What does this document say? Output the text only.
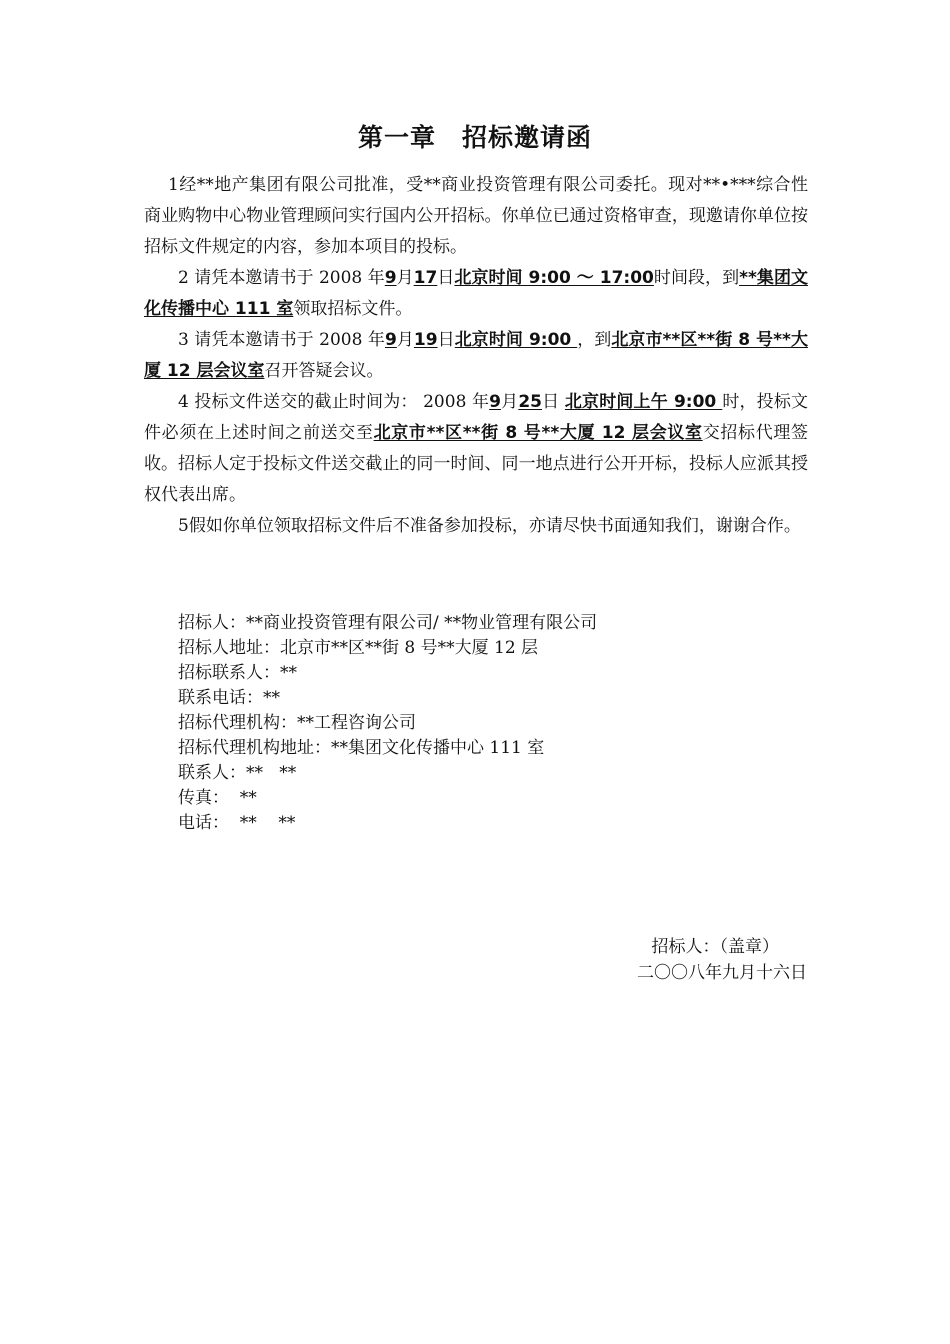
第一章　招标邀请函

1经**地产集团有限公司批准，受**商业投资管理有限公司委托。现对**•***综合性商业购物中心物业管理顾问实行国内公开招标。你单位已通过资格审查，现邀请你单位按招标文件规定的内容，参加本项目的投标。

2 请凭本邀请书于 2008 年9月17日北京时间 9:00 ～ 17:00时间段，到**集团文化传播中心 111 室领取招标文件。

3 请凭本邀请书于 2008 年9月19日北京时间 9:00 ，到北京市**区**街 8 号**大厦 12 层会议室召开答疑会议。

4 投标文件送交的截止时间为： 2008 年9月25日 北京时间上午 9:00 时，投标文件必须在上述时间之前送交至北京市**区**街 8 号**大厦 12 层会议室交招标代理签收。招标人定于投标文件送交截止的同一时间、同一地点进行公开开标，投标人应派其授权代表出席。

5假如你单位领取招标文件后不准备参加投标，亦请尽快书面通知我们，谢谢合作。

招标人：**商业投资管理有限公司/ **物业管理有限公司
招标人地址：北京市**区**街 8 号**大厦 12 层
招标联系人：**
联系电话：**
招标代理机构：**工程咨询公司
招标代理机构地址：**集团文化传播中心 111 室
联系人：**   **
传真：  **
电话：  **    **
招标人：（盖章）
二〇〇八年九月十六日
